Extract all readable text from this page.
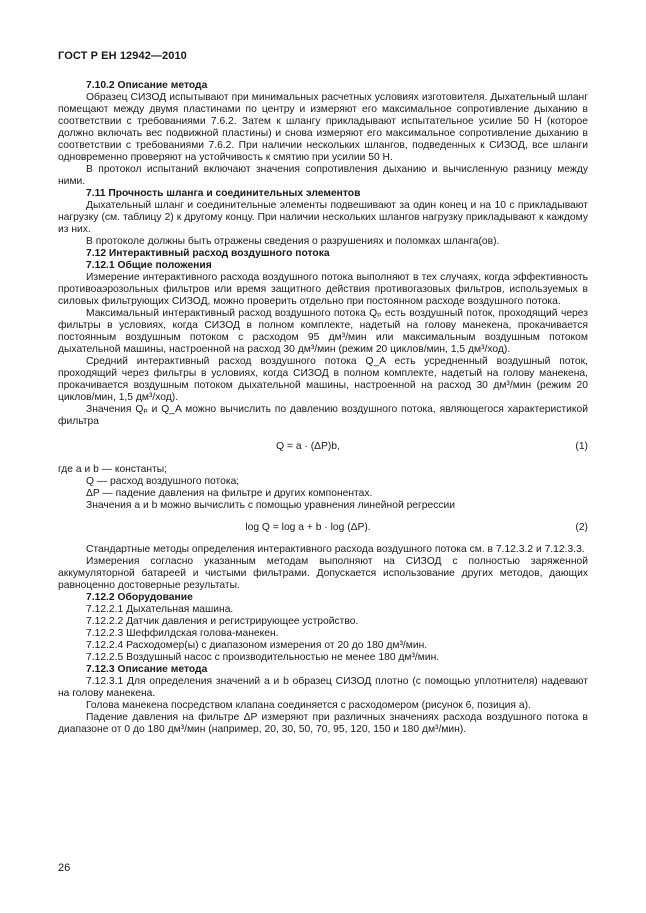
ГОСТ Р ЕН 12942—2010
7.10.2 Описание метода
Образец СИЗОД испытывают при минимальных расчетных условиях изготовителя. Дыхательный шланг помещают между двумя пластинами по центру и измеряют его максимальное сопротивление дыханию в соответствии с требованиями 7.6.2. Затем к шлангу прикладывают испытательное усилие 50 Н (которое должно включать вес подвижной пластины) и снова измеряют его максимальное сопротивление дыханию в соответствии с требованиями 7.6.2. При наличии нескольких шлангов, подведенных к СИЗОД, все шланги одновременно проверяют на устойчивость к смятию при усилии 50 Н.
В протокол испытаний включают значения сопротивления дыханию и вычисленную разницу между ними.
7.11 Прочность шланга и соединительных элементов
Дыхательный шланг и соединительные элементы подвешивают за один конец и на 10 с прикладывают нагрузку (см. таблицу 2) к другому концу. При наличии нескольких шлангов нагрузку прикладывают к каждому из них.
В протоколе должны быть отражены сведения о разрушениях и поломках шланга(ов).
7.12 Интерактивный расход воздушного потока
7.12.1 Общие положения
Измерение интерактивного расхода воздушного потока выполняют в тех случаях, когда эффективность противоаэрозольных фильтров или время защитного действия противогазовых фильтров, используемых в силовых фильтрующих СИЗОД, можно проверить отдельно при постоянном расходе воздушного потока.
Максимальный интерактивный расход воздушного потока Qₚ есть воздушный поток, проходящий через фильтры в условиях, когда СИЗОД в полном комплекте, надетый на голову манекена, прокачивается постоянным воздушным потоком с расходом 95 дм³/мин или максимальным воздушным потоком дыхательной машины, настроенной на расход 30 дм³/мин (режим 20 циклов/мин, 1,5 дм³/ход).
Средний интерактивный расход воздушного потока Q_A есть усредненный воздушный поток, проходящий через фильтры в условиях, когда СИЗОД в полном комплекте, надетый на голову манекена, прокачивается воздушным потоком дыхательной машины, настроенной на расход 30 дм³/мин (режим 20 циклов/мин, 1,5 дм³/ход).
Значения Qₚ и Q_A можно вычислить по давлению воздушного потока, являющегося характеристикой фильтра
Q = a · (ΔP)b,	(1)
где a и b — константы;
Q — расход воздушного потока;
ΔP — падение давления на фильтре и других компонентах.
Значения a и b можно вычислить с помощью уравнения линейной регрессии
log Q = log a + b · log (ΔP).	(2)
Стандартные методы определения интерактивного расхода воздушного потока см. в 7.12.3.2 и 7.12.3.3.
Измерения согласно указанным методам выполняют на СИЗОД с полностью заряженной аккумуляторной батареей и чистыми фильтрами. Допускается использование других методов, дающих равноценно достоверные результаты.
7.12.2 Оборудование
7.12.2.1 Дыхательная машина.
7.12.2.2 Датчик давления и регистрирующее устройство.
7.12.2.3 Шеффилдская голова-манекен.
7.12.2.4 Расходомер(ы) с диапазоном измерения от 20 до 180 дм³/мин.
7.12.2.5 Воздушный насос с производительностью не менее 180 дм³/мин.
7.12.3 Описание метода
7.12.3.1 Для определения значений a и b образец СИЗОД плотно (с помощью уплотнителя) надевают на голову манекена.
Голова манекена посредством клапана соединяется с расходомером (рисунок 6, позиция а).
Падение давления на фильтре ΔP измеряют при различных значениях расхода воздушного потока в диапазоне от 0 до 180 дм³/мин (например, 20, 30, 50, 70, 95, 120, 150 и 180 дм³/мин).
26
